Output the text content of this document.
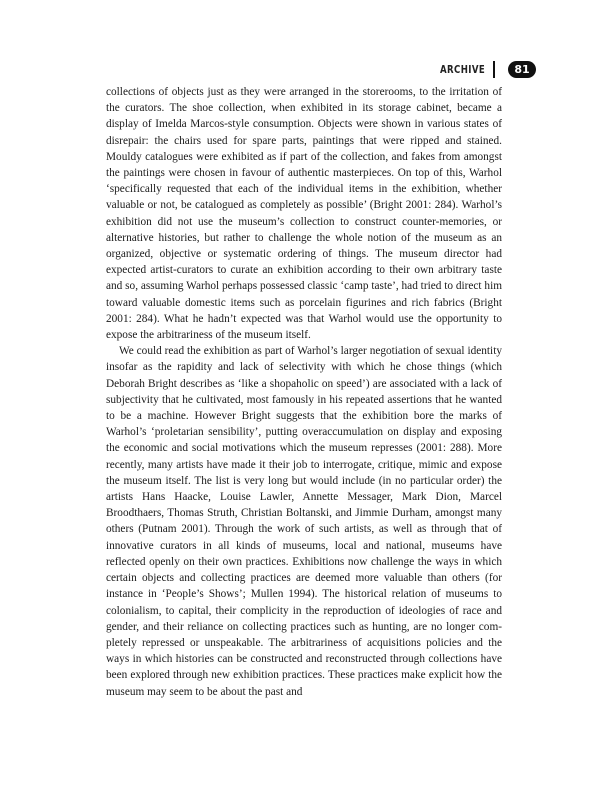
ARCHIVE	81

collections of objects just as they were arranged in the storerooms, to the irritation of the curators. The shoe collection, when exhibited in its storage cabinet, became a display of Imelda Marcos-style consumption. Objects were shown in various states of disrepair: the chairs used for spare parts, paintings that were ripped and stained. Mouldy catalogues were exhibited as if part of the collection, and fakes from amongst the paintings were chosen in favour of authentic masterpieces. On top of this, Warhol ‘specifically requested that each of the individual items in the exhibition, whether valuable or not, be catalogued as completely as possible’ (Bright 2001: 284). Warhol’s exhibition did not use the museum’s collection to construct counter-memories, or alternative histories, but rather to challenge the whole notion of the museum as an organized, objective or systematic ordering of things. The museum director had expected artist-curators to curate an exhibition according to their own arbitrary taste and so, assuming Warhol perhaps possessed classic ‘camp taste’, had tried to direct him toward valuable domestic items such as porcelain figurines and rich fabrics (Bright 2001: 284). What he hadn’t expected was that Warhol would use the opportunity to expose the arbitrariness of the museum itself.

We could read the exhibition as part of Warhol’s larger negotiation of sexual identity insofar as the rapidity and lack of selectivity with which he chose things (which Deborah Bright describes as ‘like a shopaholic on speed’) are associated with a lack of subjectivity that he cultivated, most famously in his repeated assertions that he wanted to be a machine. However Bright suggests that the exhibition bore the marks of Warhol’s ‘proletarian sensibility’, putting overaccumulation on display and exposing the economic and social motivations which the museum represses (2001: 288). More recently, many artists have made it their job to interrogate, critique, mimic and expose the museum itself. The list is very long but would include (in no particular order) the artists Hans Haacke, Louise Lawler, Annette Messager, Mark Dion, Marcel Broodthaers, Thomas Struth, Christian Boltanski, and Jimmie Durham, amongst many others (Putnam 2001). Through the work of such artists, as well as through that of innovative curators in all kinds of museums, local and national, museums have reflected openly on their own practices. Exhibitions now challenge the ways in which certain objects and collecting practices are deemed more valuable than others (for instance in ‘People’s Shows’; Mullen 1994). The historical relation of museums to colonialism, to capital, their complicity in the reproduction of ideologies of race and gender, and their reliance on collecting practices such as hunting, are no longer completely repressed or unspeakable. The arbitrariness of acquisitions policies and the ways in which histories can be constructed and reconstructed through collections have been explored through new exhibition practices. These practices make explicit how the museum may seem to be about the past and
